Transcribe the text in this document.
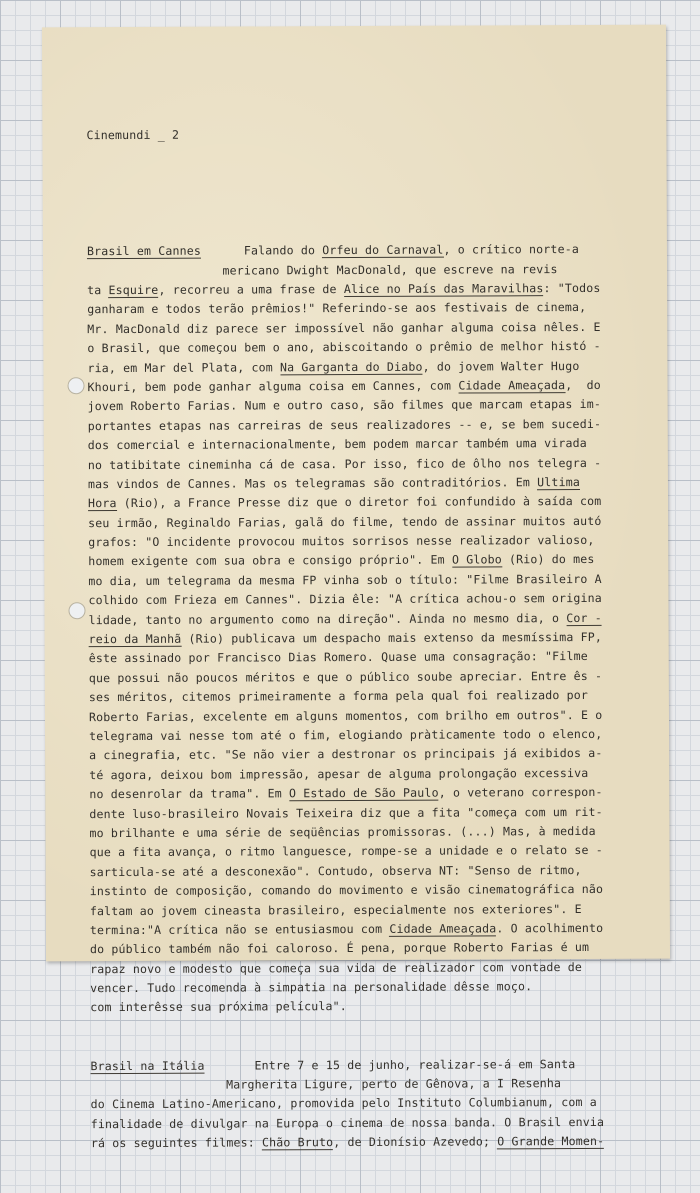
Cinemundi _ 2

Brasil em Cannes      Falando do Orfeu do Carnaval, o crítico norte-a
mericano Dwight MacDonald, que escreve na revis
ta Esquire, recorreu a uma frase de Alice no País das Maravilhas: "Todos
ganharam e todos terão prêmios!" Referindo-se aos festivais de cinema,
Mr. MacDonald diz parece ser impossível não ganhar alguma coisa nêles. E
o Brasil, que começou bem o ano, abiscoitando o prêmio de melhor histó -
ria, em Mar del Plata, com Na Garganta do Diabo, do jovem Walter Hugo
Khouri, bem pode ganhar alguma coisa em Cannes, com Cidade Ameaçada,  do
jovem Roberto Farias. Num e outro caso, são filmes que marcam etapas im-
portantes etapas nas carreiras de seus realizadores -- e, se bem sucedi-
dos comercial e internacionalmente, bem podem marcar também uma virada
no tatibitate cineminha cá de casa. Por isso, fico de ôlho nos telegra -
mas vindos de Cannes. Mas os telegramas são contraditórios. Em Ultima
Hora (Rio), a France Presse diz que o diretor foi confundido à saída com
seu irmão, Reginaldo Farias, galã do filme, tendo de assinar muitos autó
grafos: "O incidente provocou muitos sorrisos nesse realizador valioso,
homem exigente com sua obra e consigo próprio". Em O Globo (Rio) do mes
mo dia, um telegrama da mesma FP vinha sob o título: "Filme Brasileiro A
colhido com Frieza em Cannes". Dizia êle: "A crítica achou-o sem origina
lidade, tanto no argumento como na direção". Ainda no mesmo dia, o Cor -
reio da Manhã (Rio) publicava um despacho mais extenso da mesmíssima FP,
êste assinado por Francisco Dias Romero. Quase uma consagração: "Filme
que possui não poucos méritos e que o público soube apreciar. Entre ês -
ses méritos, citemos primeiramente a forma pela qual foi realizado por
Roberto Farias, excelente em alguns momentos, com brilho em outros". E o
telegrama vai nesse tom até o fim, elogiando pràticamente todo o elenco,
a cinegrafia, etc. "Se não vier a destronar os principais já exibidos a-
té agora, deixou bom impressão, apesar de alguma prolongação excessiva
no desenrolar da trama". Em O Estado de São Paulo, o veterano correspon-
dente luso-brasileiro Novais Teixeira diz que a fita "começa com um rit-
mo brilhante e uma série de seqüências promissoras. (...) Mas, à medida
que a fita avança, o ritmo languesce, rompe-se a unidade e o relato se -
sarticula-se até a desconexão". Contudo, observa NT: "Senso de ritmo,
instinto de composição, comando do movimento e visão cinematográfica não
faltam ao jovem cineasta brasileiro, especialmente nos exteriores". E
termina:"A crítica não se entusiasmou com Cidade Ameaçada. O acolhimento
do público também não foi caloroso. É pena, porque Roberto Farias é um
rapaz novo e modesto que começa sua vida de realizador com vontade de
vencer. Tudo recomenda à simpatia na personalidade dêsse moço.
com interêsse sua próxima película".

Brasil na Itália       Entre 7 e 15 de junho, realizar-se-á em Santa
Margherita Ligure, perto de Gênova, a I Resenha
do Cinema Latino-Americano, promovida pelo Instituto Columbianum, com a
finalidade de divulgar na Europa o cinema de nossa banda. O Brasil envia
rá os seguintes filmes: Chão Bruto, de Dionísio Azevedo; O Grande Momen-
